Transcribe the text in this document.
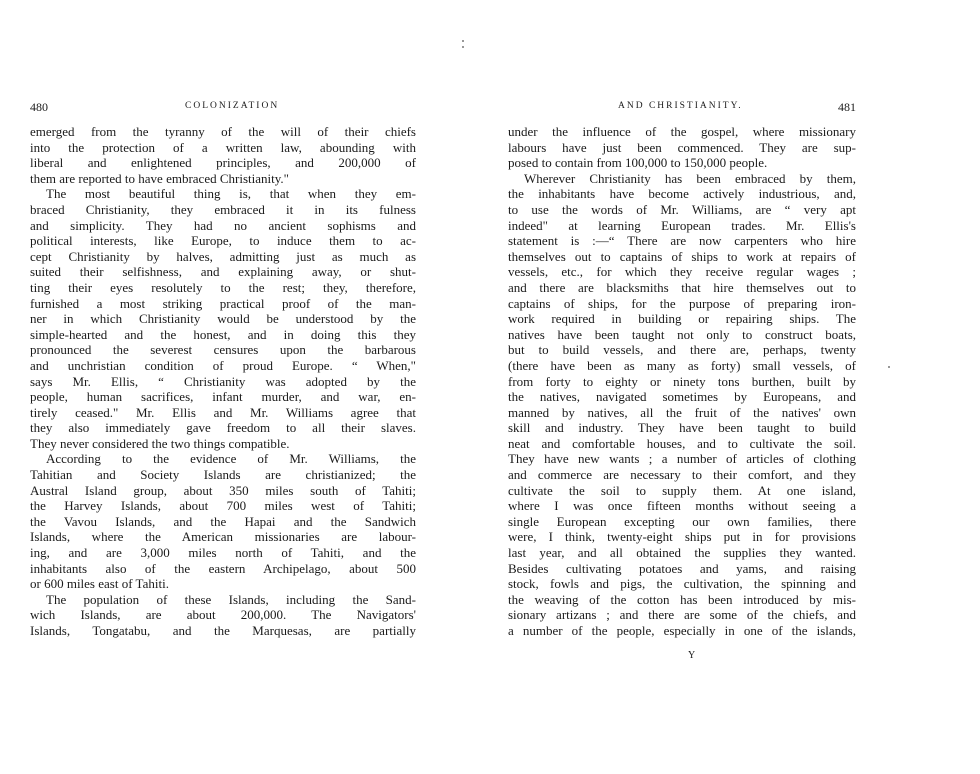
480	COLONIZATION
emerged from the tyranny of the will of their chiefs
into the protection of a written law, abounding with
liberal and enlightened principles, and 200,000 of
them are reported to have embraced Christianity."
The most beautiful thing is, that when they em-
braced Christianity, they embraced it in its fulness
and simplicity. They had no ancient sophisms and
political interests, like Europe, to induce them to ac-
cept Christianity by halves, admitting just as much as
suited their selfishness, and explaining away, or shut-
ting their eyes resolutely to the rest; they, therefore,
furnished a most striking practical proof of the man-
ner in which Christianity would be understood by the
simple-hearted and the honest, and in doing this they
pronounced the severest censures upon the barbarous
and unchristian condition of proud Europe. “ When,"
says Mr. Ellis, “ Christianity was adopted by the
people, human sacrifices, infant murder, and war, en-
tirely ceased." Mr. Ellis and Mr. Williams agree that
they also immediately gave freedom to all their slaves.
They never considered the two things compatible.
According to the evidence of Mr. Williams, the
Tahitian and Society Islands are christianized; the
Austral Island group, about 350 miles south of Tahiti;
the Harvey Islands, about 700 miles west of Tahiti;
the Vavou Islands, and the Hapai and the Sandwich
Islands, where the American missionaries are labour-
ing, and are 3,000 miles north of Tahiti, and the
inhabitants also of the eastern Archipelago, about 500
or 600 miles east of Tahiti.
The population of these Islands, including the Sand-
wich Islands, are about 200,000. The Navigators'
Islands, Tongatabu, and the Marquesas, are partially
AND CHRISTIANITY.	481
under the influence of the gospel, where missionary
labours have just been commenced. They are sup-
posed to contain from 100,000 to 150,000 people.
Wherever Christianity has been embraced by them,
the inhabitants have become actively industrious, and,
to use the words of Mr. Williams, are “ very apt
indeed" at learning European trades. Mr. Ellis's
statement is :—“ There are now carpenters who hire
themselves out to captains of ships to work at repairs of
vessels, etc., for which they receive regular wages ;
and there are blacksmiths that hire themselves out to
captains of ships, for the purpose of preparing iron-
work required in building or repairing ships. The
natives have been taught not only to construct boats,
but to build vessels, and there are, perhaps, twenty
(there have been as many as forty) small vessels, of
from forty to eighty or ninety tons burthen, built by
the natives, navigated sometimes by Europeans, and
manned by natives, all the fruit of the natives' own
skill and industry. They have been taught to build
neat and comfortable houses, and to cultivate the soil.
They have new wants ; a number of articles of clothing
and commerce are necessary to their comfort, and they
cultivate the soil to supply them. At one island,
where I was once fifteen months without seeing a
single European excepting our own families, there
were, I think, twenty-eight ships put in for provisions
last year, and all obtained the supplies they wanted.
Besides cultivating potatoes and yams, and raising
stock, fowls and pigs, the cultivation, the spinning and
the weaving of the cotton has been introduced by mis-
sionary artizans ; and there are some of the chiefs, and
a number of the people, especially in one of the islands,
Y
